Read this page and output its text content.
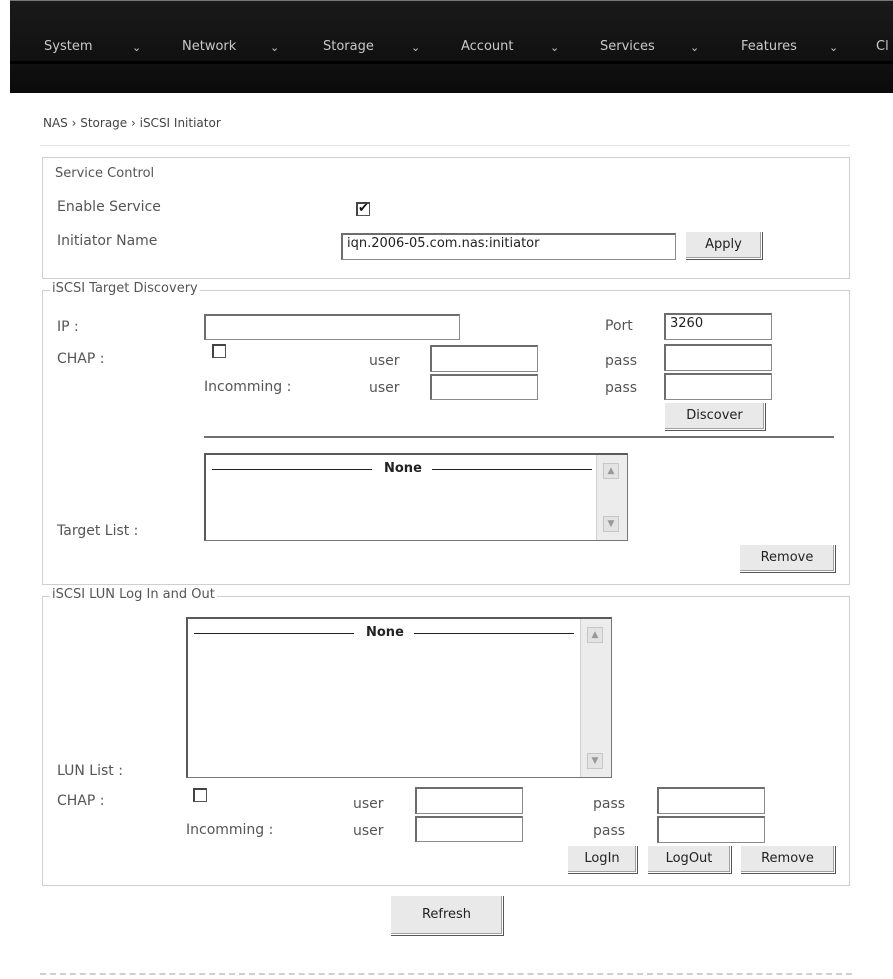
System	⌄	Network	⌄	Storage	⌄	Account	⌄	Services	⌄	Features	⌄	Cl
NAS › Storage › iSCSI Initiator
Service Control
Enable Service	✔
Initiator Name	iqn.2006-05.com.nas:initiator	Apply
iSCSI Target Discovery
IP :	Port	3260
CHAP :	user	pass
Incomming :	user	pass
Discover
None	▲
▼
Target List :
Remove
iSCSI LUN Log In and Out
None	▲
▼
LUN List :
CHAP :	user	pass
Incomming :	user	pass
LogIn	LogOut	Remove
Refresh
